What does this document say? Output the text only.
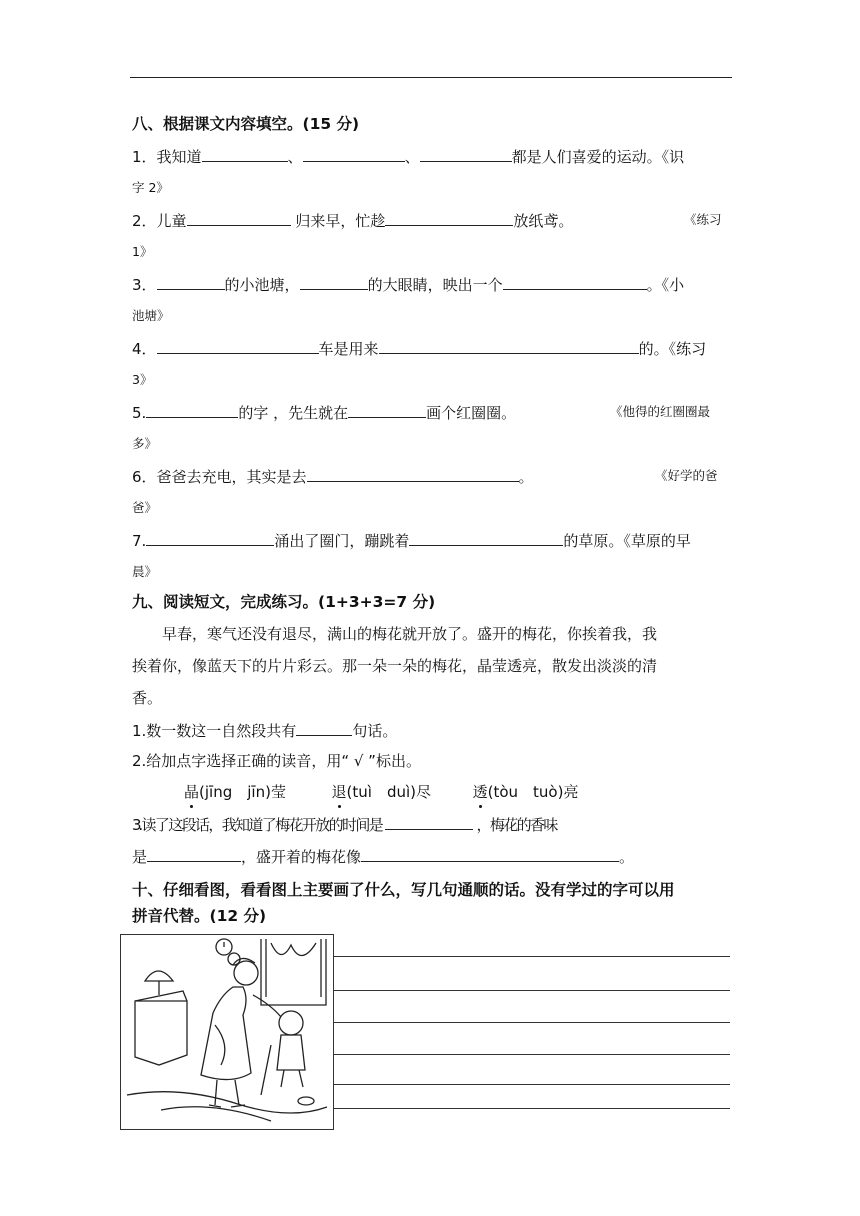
八、根据课文内容填空。(15 分)
1．我知道	、	、	都是人们喜爱的运动。《识
字 2》
2．儿童	归来早，忙趁	放纸鸢。	《练习
1》
3．	的小池塘，	的大眼睛，映出一个	。《小
池塘》
4．	车是用来	的。《练习
3》
5.	的字 ，先生就在	画个红圈圈。	《他得的红圈圈最
多》
6．爸爸去充电，其实是去	。	《好学的爸
爸》
7.	涌出了圈门，蹦跳着	的草原。《草原的早
晨》
九、阅读短文，完成练习。(1+3+3=7 分)
早春，寒气还没有退尽，满山的梅花就开放了。盛开的梅花，你挨着我，我
挨着你，像蓝天下的片片彩云。那一朵一朵的梅花，晶莹透亮，散发出淡淡的清
香。
1.数一数这一自然段共有	句话。
2.给加点字选择正确的读音，用“ √ ”标出。
晶(jīng　jīn)莹	退(tuì　duì)尽	透(tòu　tuò)亮
3. 读 了 这 段 话 ， 我 知 道 了 梅 花 开 放 的 时 间 是	， 梅 花 的 香 味
是	，盛开着的梅花像	。
十、仔细看图，看看图上主要画了什么，写几句通顺的话。没有学过的字可以用
拼音代替。(12 分)
